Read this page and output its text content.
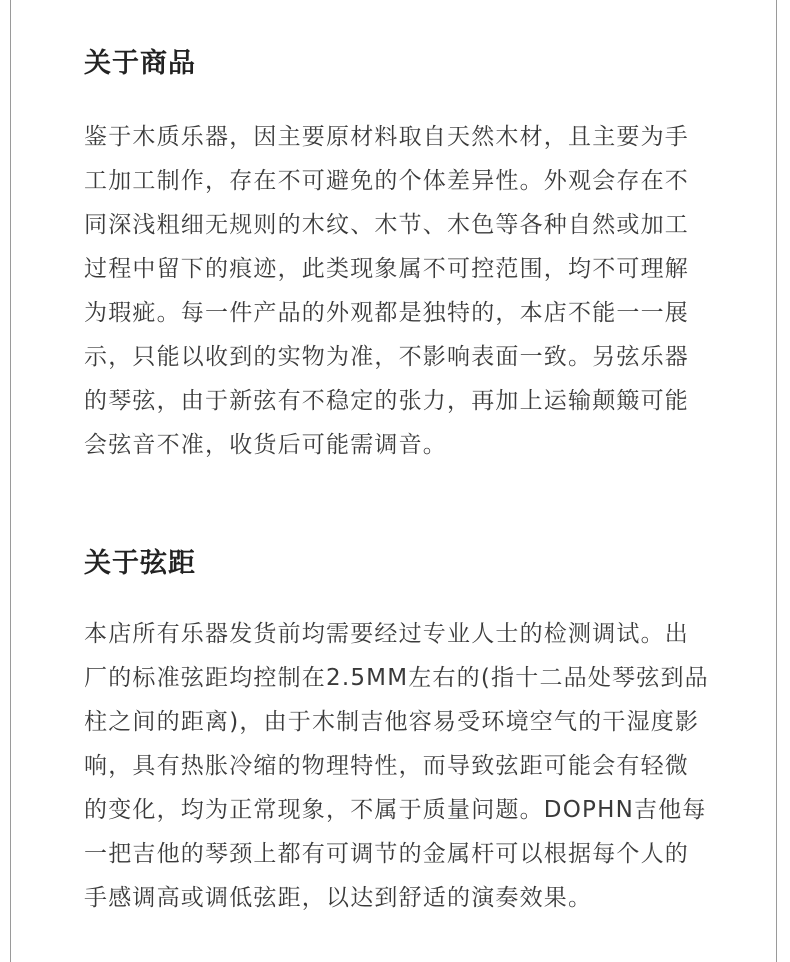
关于商品
鉴于木质乐器，因主要原材料取自天然木材，且主要为手
工加工制作，存在不可避免的个体差异性。外观会存在不
同深浅粗细无规则的木纹、木节、木色等各种自然或加工
过程中留下的痕迹，此类现象属不可控范围，均不可理解
为瑕疵。每一件产品的外观都是独特的，本店不能一一展
示，只能以收到的实物为准，不影响表面一致。另弦乐器
的琴弦，由于新弦有不稳定的张力，再加上运输颠簸可能
会弦音不准，收货后可能需调音。
关于弦距
本店所有乐器发货前均需要经过专业人士的检测调试。出
厂的标准弦距均控制在2.5MM左右的(指十二品处琴弦到品
柱之间的距离)，由于木制吉他容易受环境空气的干湿度影
响，具有热胀冷缩的物理特性，而导致弦距可能会有轻微
的变化，均为正常现象，不属于质量问题。DOPHN吉他每
一把吉他的琴颈上都有可调节的金属杆可以根据每个人的
手感调高或调低弦距，以达到舒适的演奏效果。
